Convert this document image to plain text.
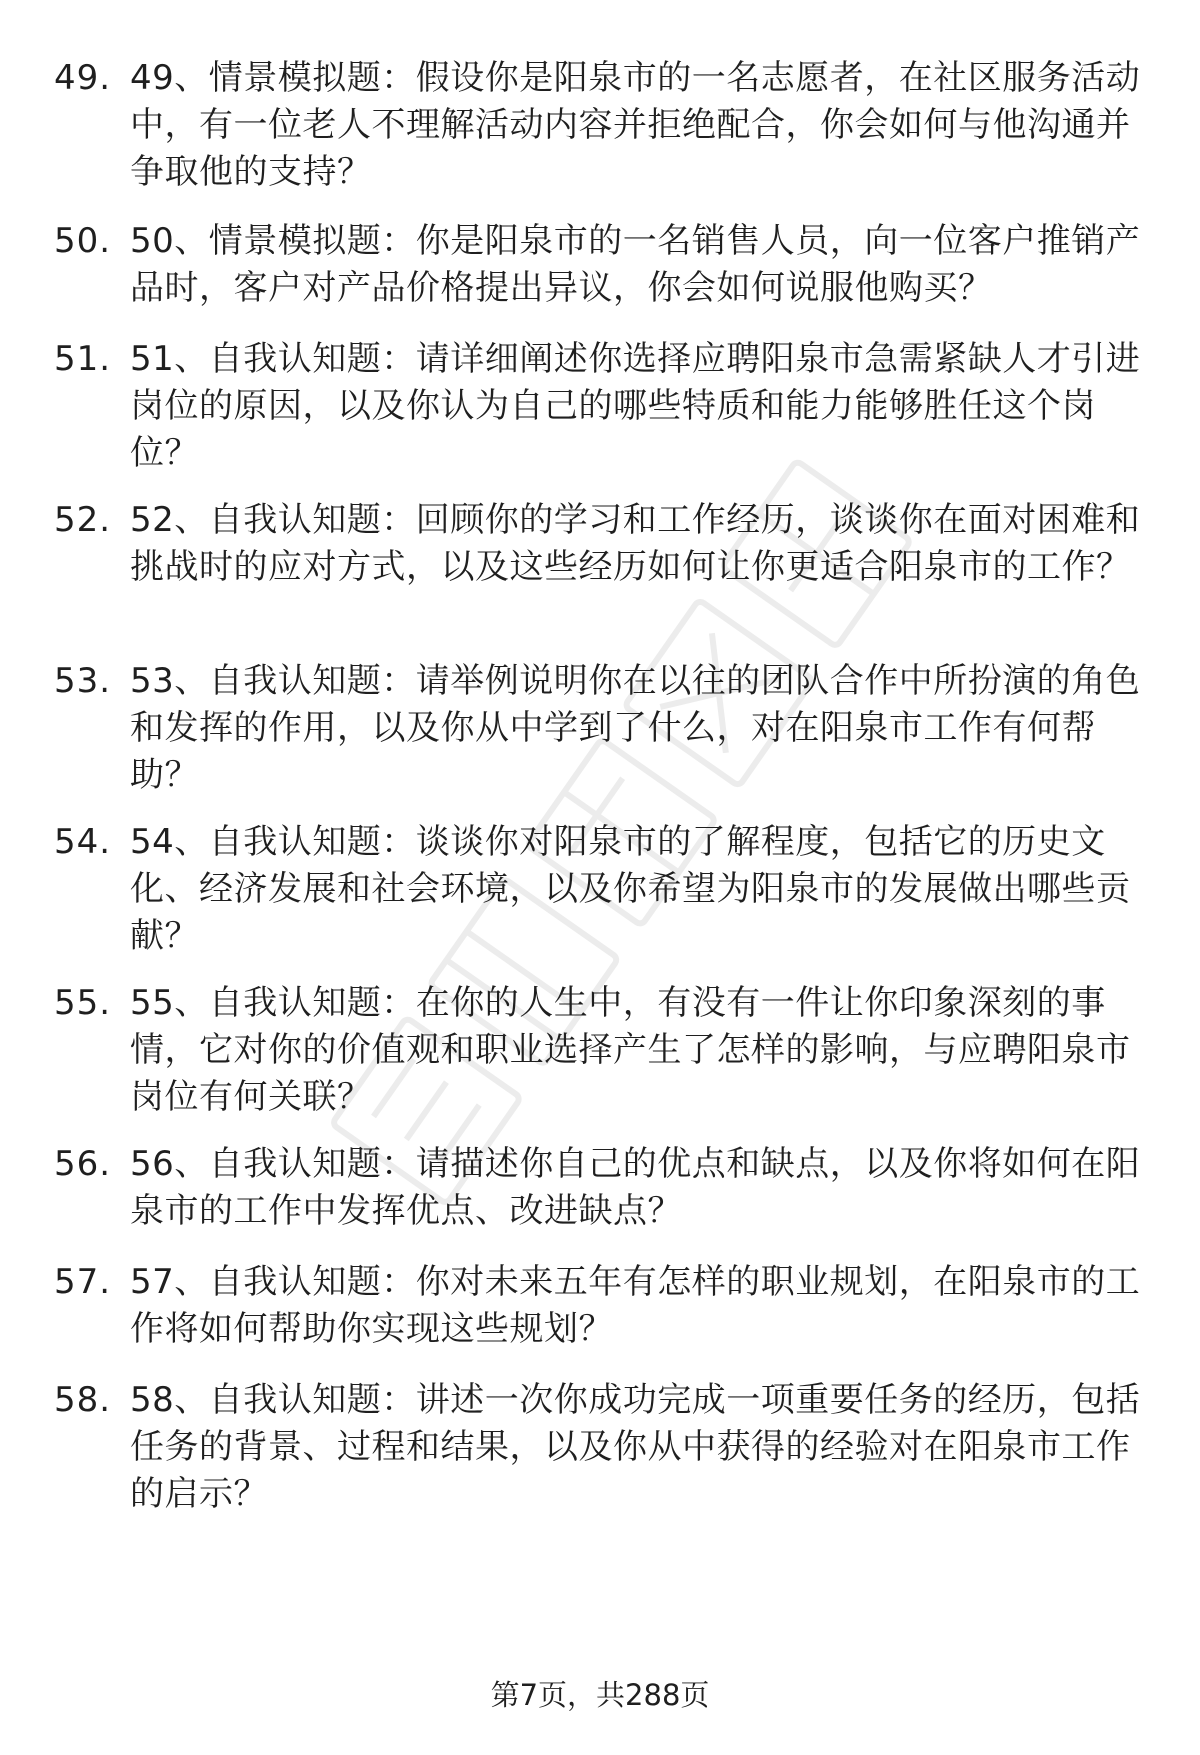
49. 49、情景模拟题：假设你是阳泉市的一名志愿者，在社区服务活动中，有一位老人不理解活动内容并拒绝配合，你会如何与他沟通并争取他的支持？
50. 50、情景模拟题：你是阳泉市的一名销售人员，向一位客户推销产品时，客户对产品价格提出异议，你会如何说服他购买？
51. 51、自我认知题：请详细阐述你选择应聘阳泉市急需紧缺人才引进岗位的原因，以及你认为自己的哪些特质和能力能够胜任这个岗位？
52. 52、自我认知题：回顾你的学习和工作经历，谈谈你在面对困难和挑战时的应对方式，以及这些经历如何让你更适合阳泉市的工作？
53. 53、自我认知题：请举例说明你在以往的团队合作中所扮演的角色和发挥的作用，以及你从中学到了什么，对在阳泉市工作有何帮助？
54. 54、自我认知题：谈谈你对阳泉市的了解程度，包括它的历史文化、经济发展和社会环境，以及你希望为阳泉市的发展做出哪些贡献？
55. 55、自我认知题：在你的人生中，有没有一件让你印象深刻的事情，它对你的价值观和职业选择产生了怎样的影响，与应聘阳泉市岗位有何关联？
56. 56、自我认知题：请描述你自己的优点和缺点，以及你将如何在阳泉市的工作中发挥优点、改进缺点？
57. 57、自我认知题：你对未来五年有怎样的职业规划，在阳泉市的工作将如何帮助你实现这些规划？
58. 58、自我认知题：讲述一次你成功完成一项重要任务的经历，包括任务的背景、过程和结果，以及你从中获得的经验对在阳泉市工作的启示？
第7页，共288页
